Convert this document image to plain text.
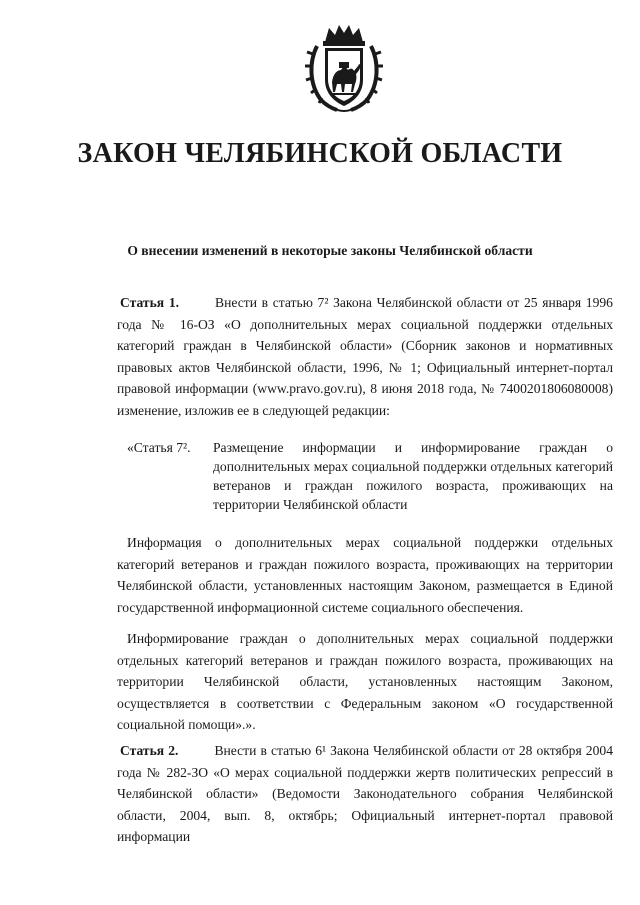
ЗАКОН ЧЕЛЯБИНСКОЙ ОБЛАСТИ

О внесении изменений в некоторые законы Челябинской области

Статья 1.	Внести в статью 7² Закона Челябинской области от 25 января 1996 года № 16-ОЗ «О дополнительных мерах социальной поддержки отдельных категорий граждан в Челябинской области» (Сборник законов и нормативных правовых актов Челябинской области, 1996, № 1; Официальный интернет-портал правовой информации (www.pravo.gov.ru), 8 июня 2018 года, № 7400201806080008) изменение, изложив ее в следующей редакции:

«Статья 7². Размещение информации и информирование граждан о дополнительных мерах социальной поддержки отдельных категорий ветеранов и граждан пожилого возраста, проживающих на территории Челябинской области

Информация о дополнительных мерах социальной поддержки отдельных категорий ветеранов и граждан пожилого возраста, проживающих на территории Челябинской области, установленных настоящим Законом, размещается в Единой государственной информационной системе социального обеспечения.

Информирование граждан о дополнительных мерах социальной поддержки отдельных категорий ветеранов и граждан пожилого возраста, проживающих на территории Челябинской области, установленных настоящим Законом, осуществляется в соответствии с Федеральным законом «О государственной социальной помощи».».

Статья 2.	Внести в статью 6¹ Закона Челябинской области от 28 октября 2004 года № 282-ЗО «О мерах социальной поддержки жертв политических репрессий в Челябинской области» (Ведомости Законодательного собрания Челябинской области, 2004, вып. 8, октябрь; Официальный интернет-портал правовой информации
